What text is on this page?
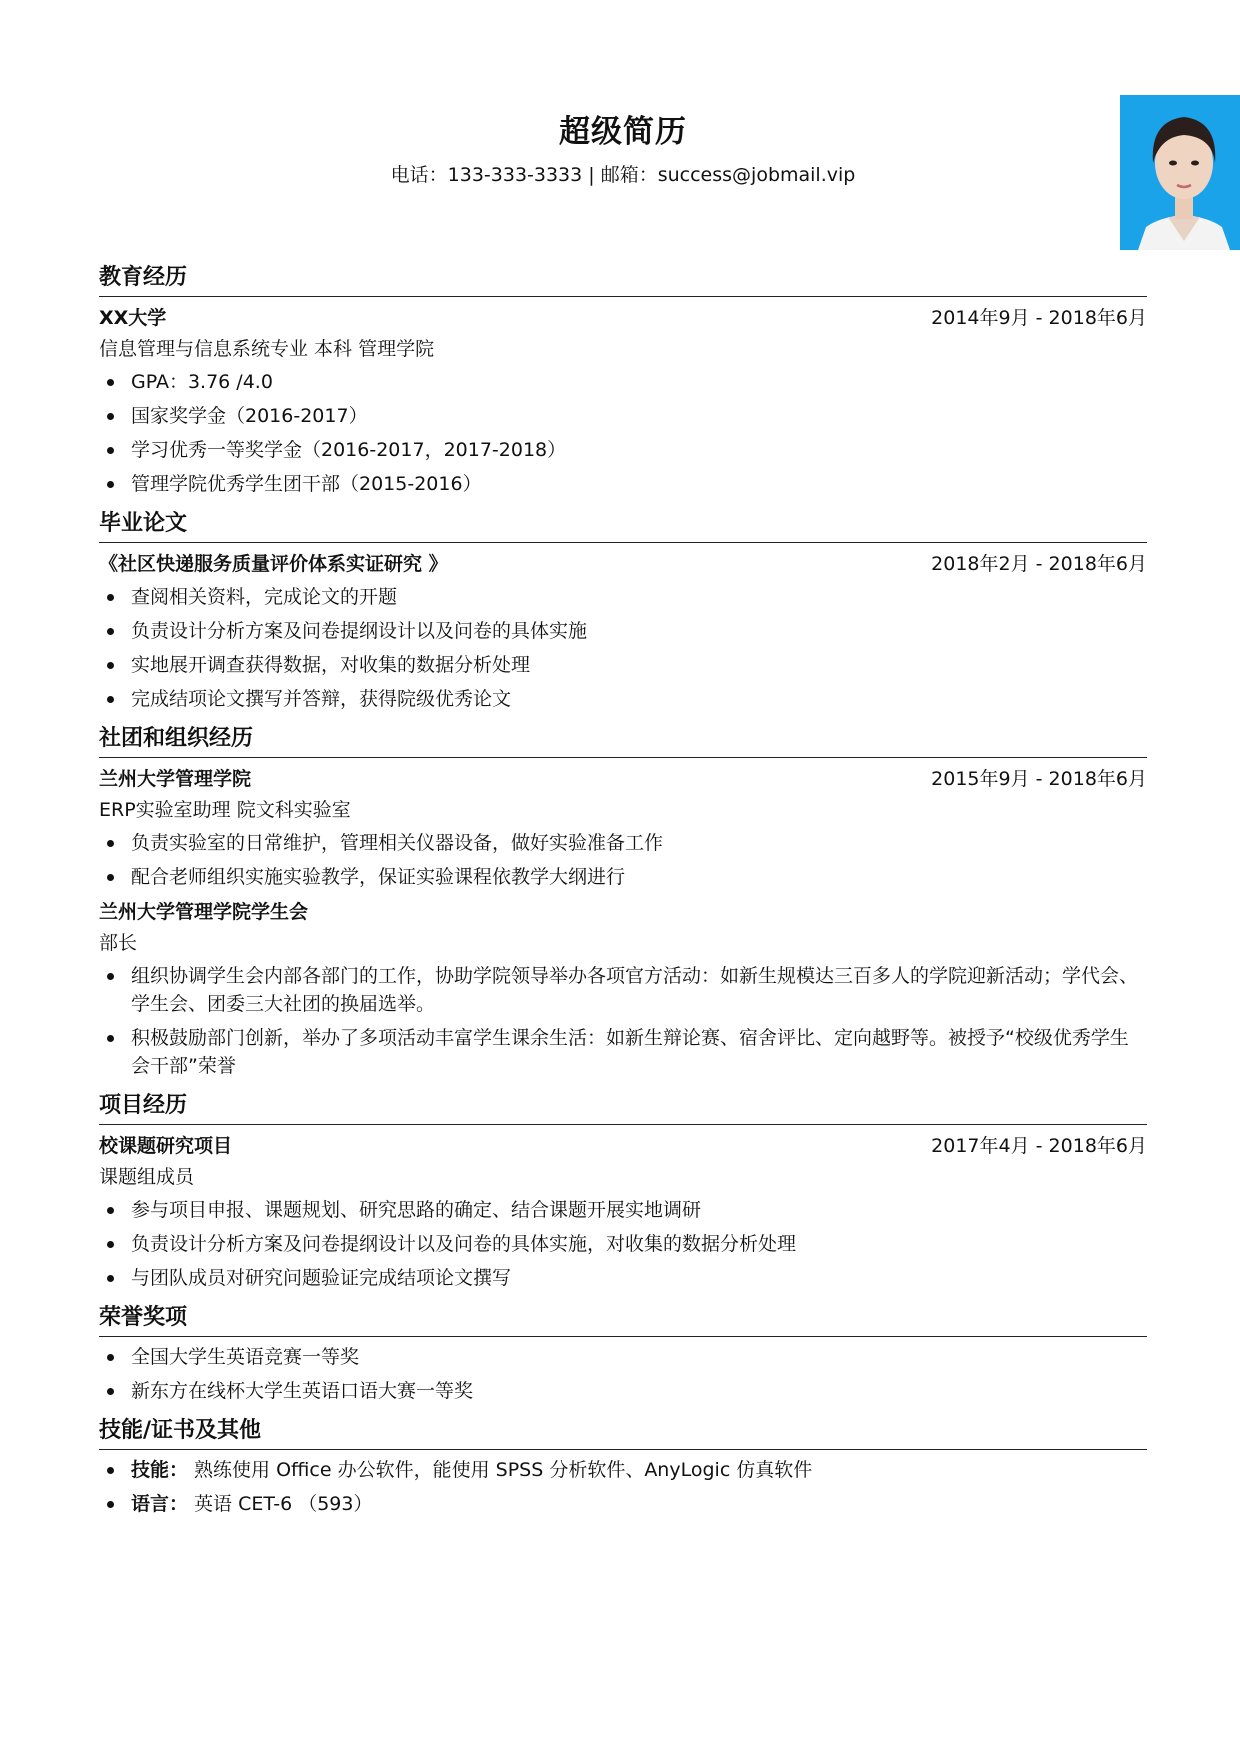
超级简历
电话：133-333-3333 | 邮箱：success@jobmail.vip
教育经历
XX大学	2014年9月 - 2018年6月
信息管理与信息系统专业 本科 管理学院
GPA：3.76 /4.0
国家奖学金（2016-2017）
学习优秀一等奖学金（2016-2017，2017-2018）
管理学院优秀学生团干部（2015-2016）
毕业论文
《社区快递服务质量评价体系实证研究 》	2018年2月 - 2018年6月
查阅相关资料，完成论文的开题
负责设计分析方案及问卷提纲设计以及问卷的具体实施
实地展开调查获得数据，对收集的数据分析处理
完成结项论文撰写并答辩，获得院级优秀论文
社团和组织经历
兰州大学管理学院	2015年9月 - 2018年6月
ERP实验室助理 院文科实验室
负责实验室的日常维护，管理相关仪器设备，做好实验准备工作
配合老师组织实施实验教学，保证实验课程依教学大纲进行
兰州大学管理学院学生会
部长
组织协调学生会内部各部门的工作，协助学院领导举办各项官方活动：如新生规模达三百多人的学院迎新活动；学代会、学生会、团委三大社团的换届选举。
积极鼓励部门创新，举办了多项活动丰富学生课余生活：如新生辩论赛、宿舍评比、定向越野等。被授予“校级优秀学生会干部”荣誉
项目经历
校课题研究项目	2017年4月 - 2018年6月
课题组成员
参与项目申报、课题规划、研究思路的确定、结合课题开展实地调研
负责设计分析方案及问卷提纲设计以及问卷的具体实施，对收集的数据分析处理
与团队成员对研究问题验证完成结项论文撰写
荣誉奖项
全国大学生英语竞赛一等奖
新东方在线杯大学生英语口语大赛一等奖
技能/证书及其他
技能： 熟练使用 Office 办公软件，能使用 SPSS 分析软件、AnyLogic 仿真软件
语言： 英语 CET-6 （593）
